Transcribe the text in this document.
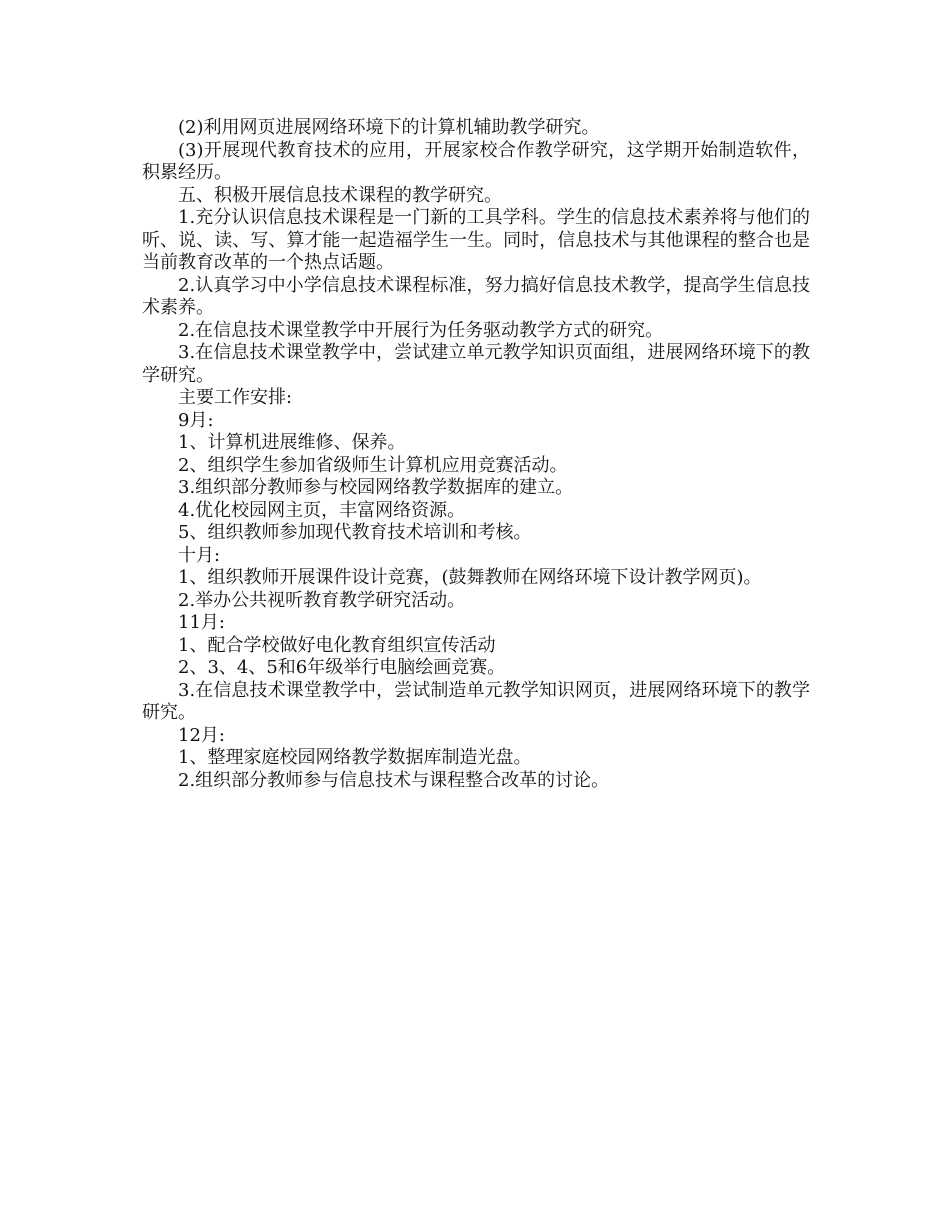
(2)利用网页进展网络环境下的计算机辅助教学研究。

(3)开展现代教育技术的应用，开展家校合作教学研究，这学期开始制造软件，积累经历。

五、积极开展信息技术课程的教学研究。

1.充分认识信息技术课程是一门新的工具学科。学生的信息技术素养将与他们的听、说、读、写、算才能一起造福学生一生。同时，信息技术与其他课程的整合也是当前教育改革的一个热点话题。

2.认真学习中小学信息技术课程标准，努力搞好信息技术教学，提高学生信息技术素养。

2.在信息技术课堂教学中开展行为任务驱动教学方式的研究。

3.在信息技术课堂教学中，尝试建立单元教学知识页面组，进展网络环境下的教学研究。

主要工作安排:

9月:

1、计算机进展维修、保养。

2、组织学生参加省级师生计算机应用竞赛活动。

3.组织部分教师参与校园网络教学数据库的建立。

4.优化校园网主页，丰富网络资源。

5、组织教师参加现代教育技术培训和考核。

十月:

1、组织教师开展课件设计竞赛，(鼓舞教师在网络环境下设计教学网页)。

2.举办公共视听教育教学研究活动。

11月:

1、配合学校做好电化教育组织宣传活动

2、3、4、5和6年级举行电脑绘画竞赛。

3.在信息技术课堂教学中，尝试制造单元教学知识网页，进展网络环境下的教学研究。

12月:

1、整理家庭校园网络教学数据库制造光盘。

2.组织部分教师参与信息技术与课程整合改革的讨论。
